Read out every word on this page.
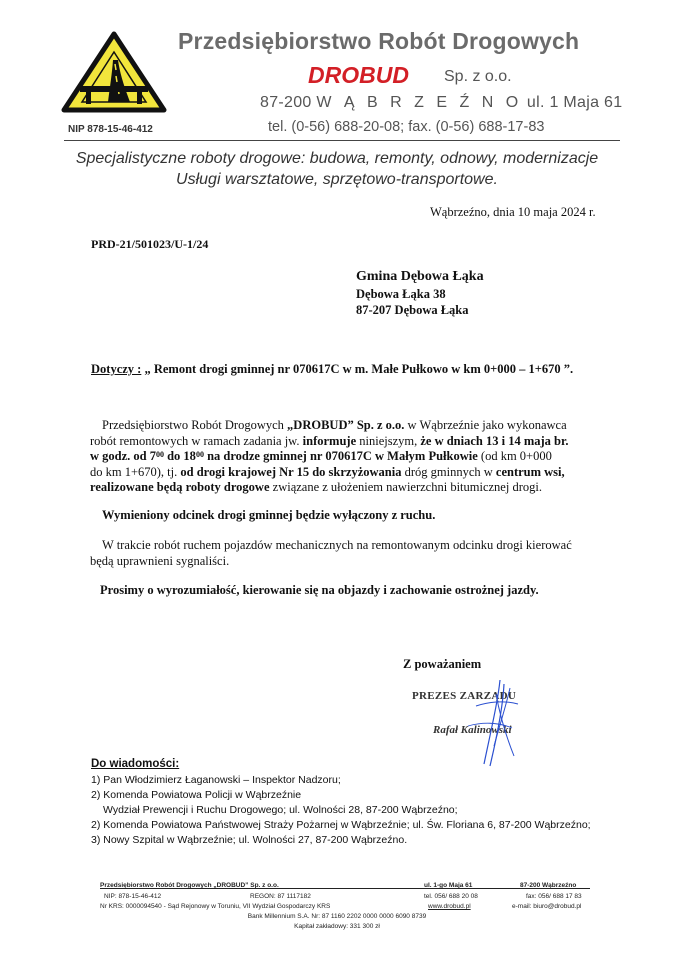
Przedsiębiorstwo Robót Drogowych
DROBUD Sp. z o.o.
87-200 W Ą B R Z E Ź N O ul. 1 Maja 61
tel. (0-56) 688-20-08; fax. (0-56) 688-17-83
NIP 878-15-46-412
Specjalistyczne roboty drogowe: budowa, remonty, odnowy, modernizacje
Usługi warsztatowe, sprzętowo-transportowe.
Wąbrzeźno, dnia 10 maja 2024 r.
PRD-21/501023/U-1/24
Gmina Dębowa Łąka
Dębowa Łąka 38
87-207 Dębowa Łąka
Dotyczy : „ Remont drogi gminnej nr 070617C w m. Małe Pułkowo w km 0+000 – 1+670 ”.
Przedsiębiorstwo Robót Drogowych „DROBUD” Sp. z o.o. w Wąbrzeźnie jako wykonawca
robót remontowych w ramach zadania jw. informuje niniejszym, że w dniach 13 i 14 maja br.
w godz. od $7^{00}$ do $18^{00}$ na drodze gminnej nr 070617C w Małym Pułkowie (od km 0+000
do km 1+670), tj. od drogi krajowej Nr 15 do skrzyżowania dróg gminnych w centrum wsi,
realizowane będą roboty drogowe związane z ułożeniem nawierzchni bitumicznej drogi.
Wymieniony odcinek drogi gminnej będzie wyłączony z ruchu.
W trakcie robót ruchem pojazdów mechanicznych na remontowanym odcinku drogi kierować
będą uprawnieni sygnaliści.
Prosimy o wyrozumiałość, kierowanie się na objazdy i zachowanie ostrożnej jazdy.
Z poważaniem
PREZES ZARZĄDU
Rafał Kalinowski
Do wiadomości:
1) Pan Włodzimierz Łaganowski – Inspektor Nadzoru;
2) Komenda Powiatowa Policji w Wąbrzeźnie
Wydział Prewencji i Ruchu Drogowego; ul. Wolności 28, 87-200 Wąbrzeźno;
2) Komenda Powiatowa Państwowej Straży Pożarnej w Wąbrzeźnie; ul. Św. Floriana 6, 87-200 Wąbrzeźno;
3) Nowy Szpital w Wąbrzeźnie; ul. Wolności 27, 87-200 Wąbrzeźno.
Przedsiębiorstwo Robót Drogowych „DROBUD” Sp. z o.o.	ul. 1-go Maja 61	87-200 Wąbrzeźno
NIP: 878-15-46-412	REGON: 87 1117182	tel. 056/ 688 20 08	fax: 056/ 688 17 83
Nr KRS: 0000094540 - Sąd Rejonowy w Toruniu, VII Wydział Gospodarczy KRS	www.drobud.pl	e-mail: biuro@drobud.pl
Bank Millennium S.A. Nr: 87 1160 2202 0000 0000 6090 8739
Kapitał zakładowy: 331 300 zł
